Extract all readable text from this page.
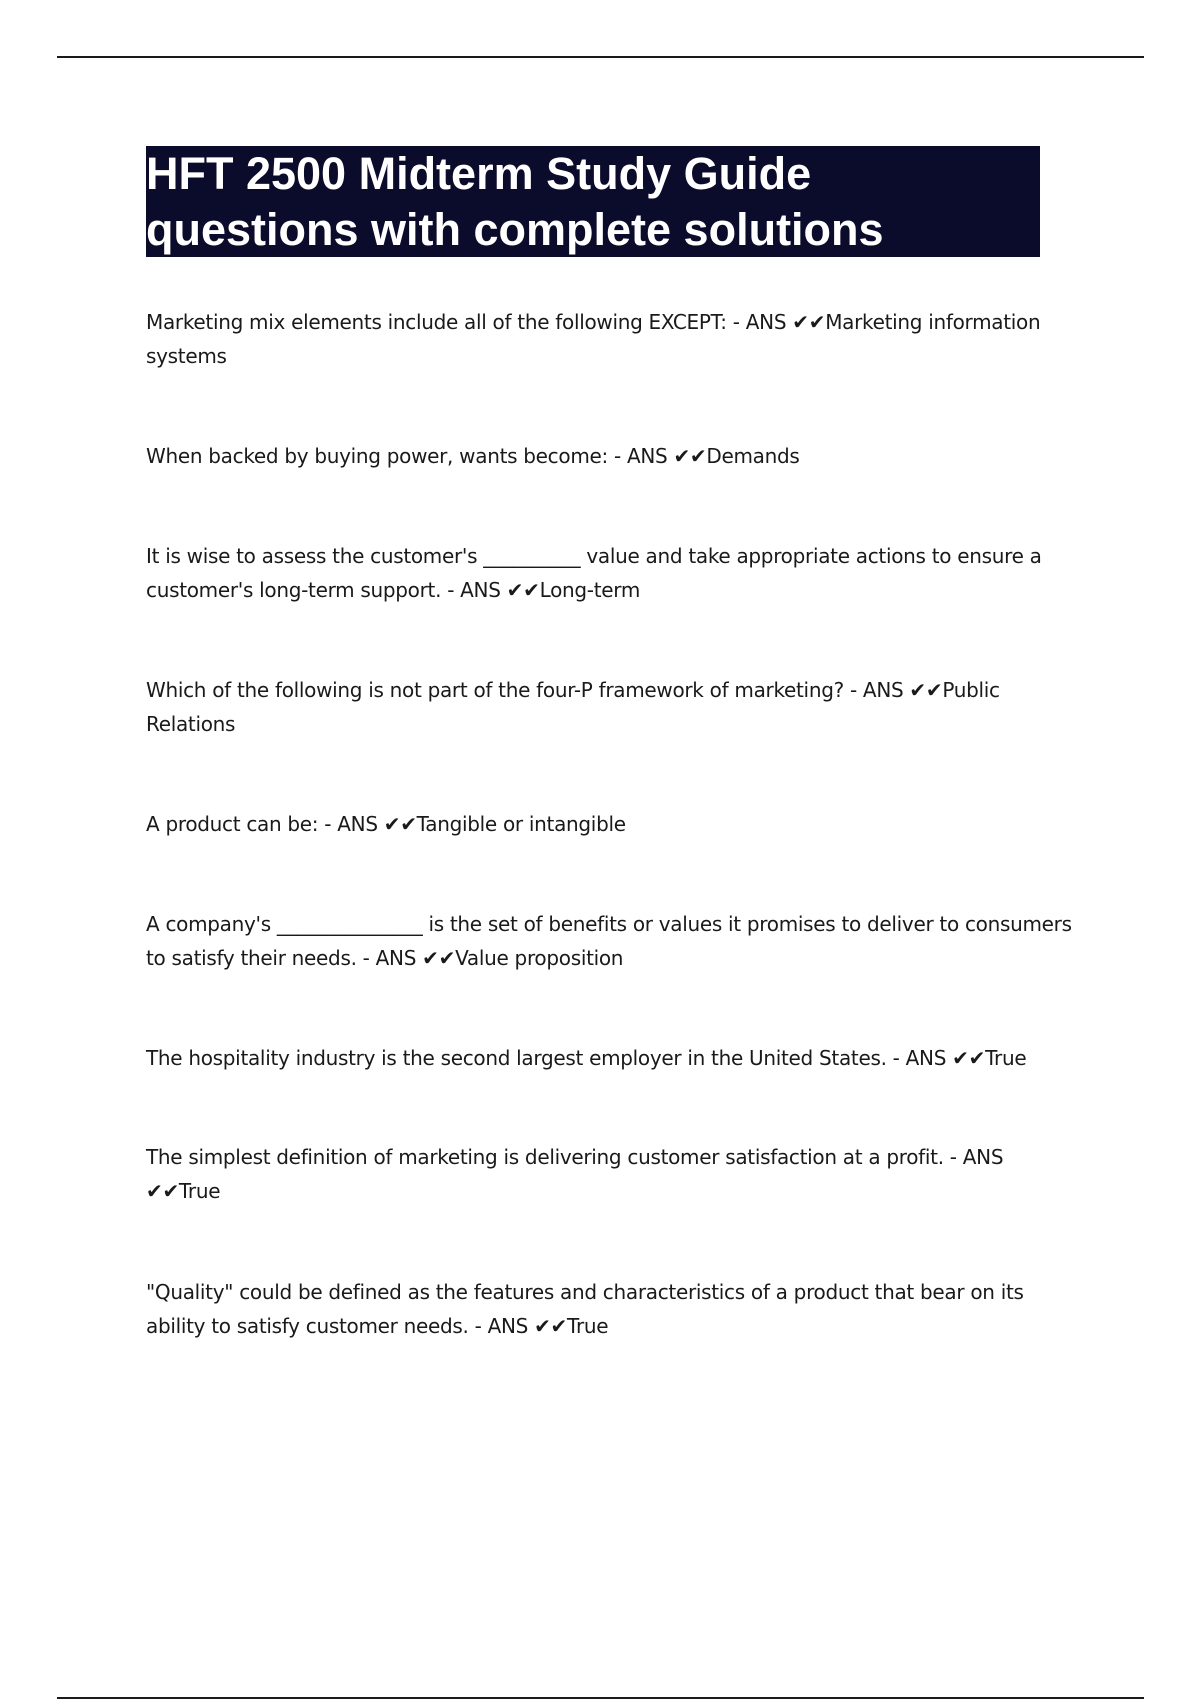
HFT 2500 Midterm Study Guide
questions with complete solutions
Marketing mix elements include all of the following EXCEPT: - ANS ✔✔Marketing information systems
When backed by buying power, wants become: - ANS ✔✔Demands
It is wise to assess the customer's __________ value and take appropriate actions to ensure a customer's long-term support. - ANS ✔✔Long-term
Which of the following is not part of the four-P framework of marketing? - ANS ✔✔Public Relations
A product can be: - ANS ✔✔Tangible or intangible
A company's _______________ is the set of benefits or values it promises to deliver to consumers to satisfy their needs. - ANS ✔✔Value proposition
The hospitality industry is the second largest employer in the United States. - ANS ✔✔True
The simplest definition of marketing is delivering customer satisfaction at a profit. - ANS ✔✔True
"Quality" could be defined as the features and characteristics of a product that bear on its ability to satisfy customer needs. - ANS ✔✔True
